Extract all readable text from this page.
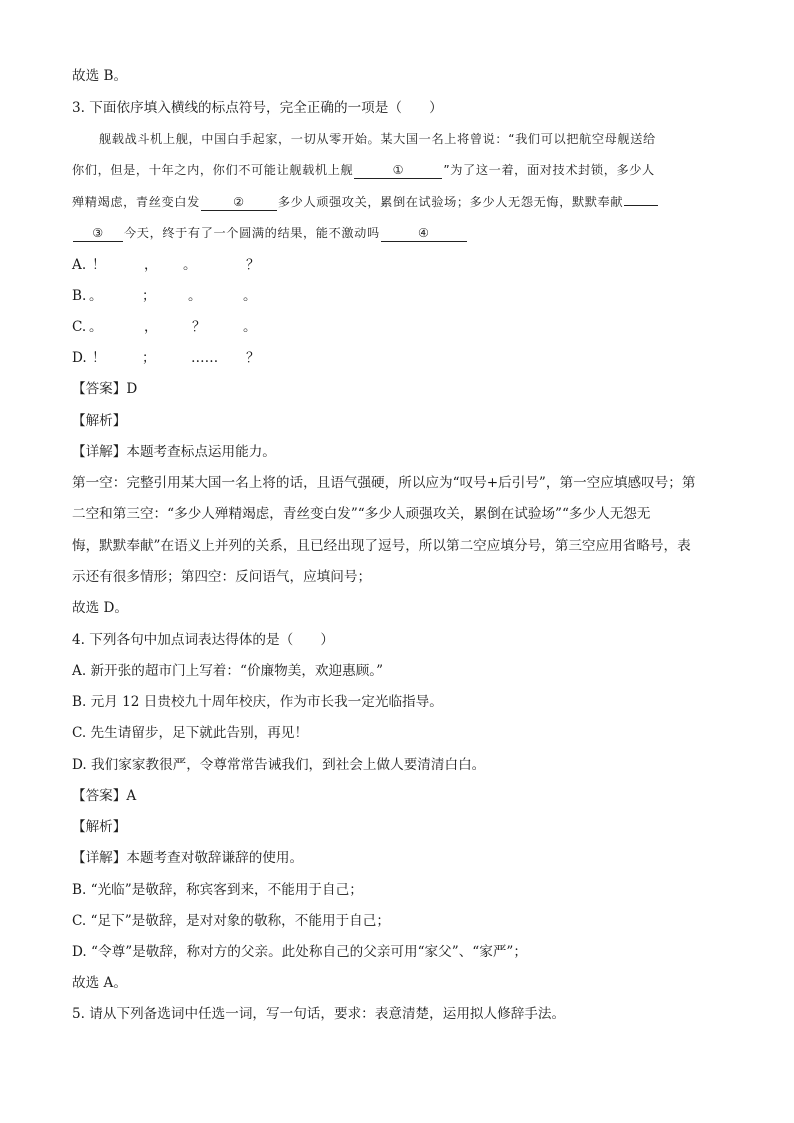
故选 B。
3. 下面依序填入横线的标点符号，完全正确的一项是（　　）
舰载战斗机上舰，中国白手起家，一切从零开始。某大国一名上将曾说：“我们可以把航空母舰送给
你们，但是，十年之内，你们不可能让舰载机上舰	①	”为了这一着，面对技术封锁，多少人
殚精竭虑，青丝变白发	②	多少人顽强攻关，累倒在试验场；多少人无怨无悔，默默奉献
③ 今天，终于有了一个圆满的结果，能不激动吗	④
A. ！	， 。	？
B. 。	； 。	。
C. 。	，	？	。
D. ！	；	…… ？
【答案】D
【解析】
【详解】本题考查标点运用能力。
第一空：完整引用某大国一名上将的话，且语气强硬，所以应为“叹号+后引号”，第一空应填感叹号；第
二空和第三空：“多少人殚精竭虑，青丝变白发”“多少人顽强攻关，累倒在试验场”“多少人无怨无
悔，默默奉献”在语义上并列的关系，且已经出现了逗号，所以第二空应填分号，第三空应用省略号，表
示还有很多情形；第四空：反问语气，应填问号；
故选 D。
4. 下列各句中加点词表达得体的是（　　）
A. 新开张的超市门上写着：“价廉物美，欢迎惠顾。”
B. 元月 12 日贵校九十周年校庆，作为市长我一定光临指导。
C. 先生请留步，足下就此告别，再见！
D. 我们家家教很严，令尊常常告诫我们，到社会上做人要清清白白。
【答案】A
【解析】
【详解】本题考查对敬辞谦辞的使用。
B. “光临”是敬辞，称宾客到来，不能用于自己；
C. “足下”是敬辞，是对对象的敬称，不能用于自己；
D. “令尊”是敬辞，称对方的父亲。此处称自己的父亲可用“家父”、“家严”；
故选 A。
5. 请从下列备选词中任选一词，写一句话，要求：表意清楚，运用拟人修辞手法。
